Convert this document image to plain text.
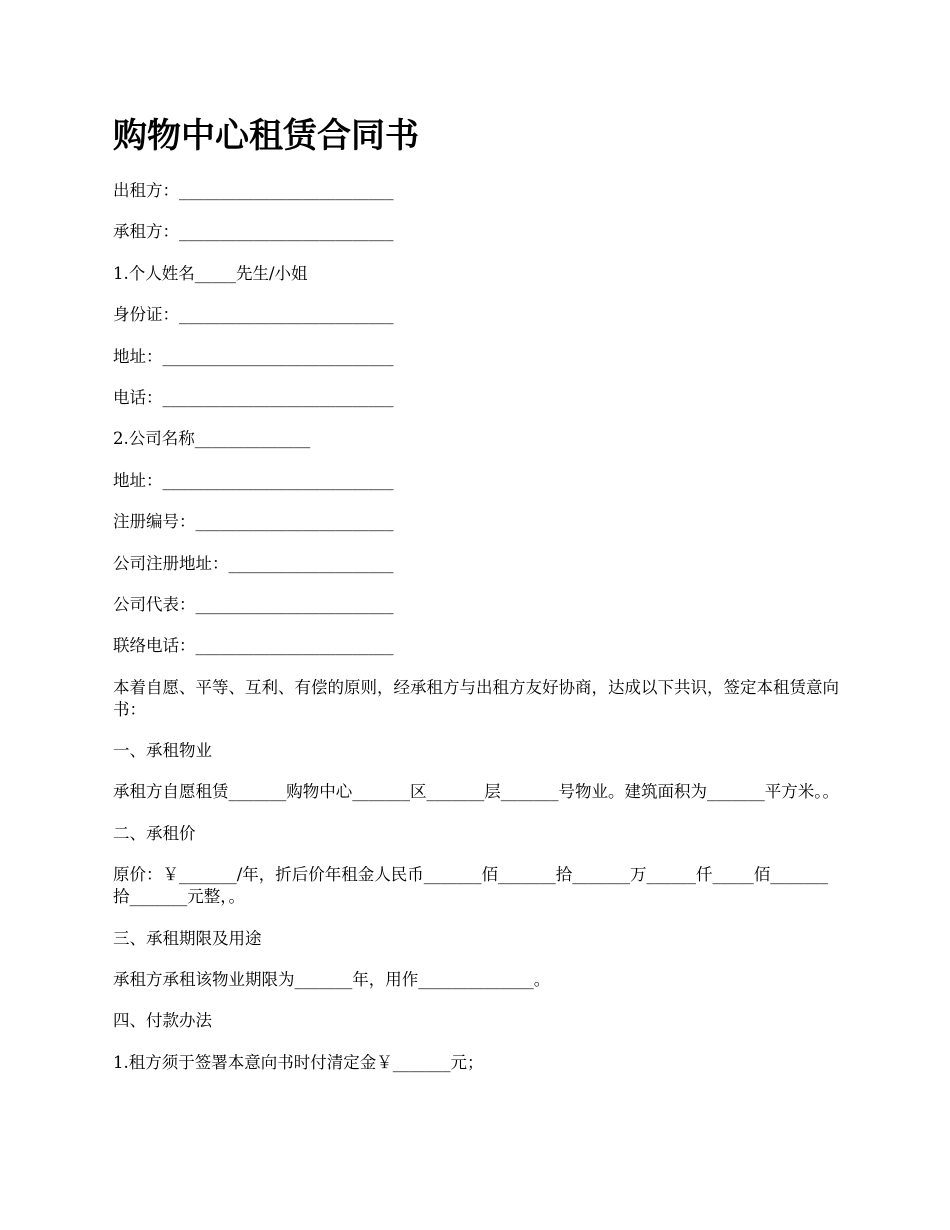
购物中心租赁合同书

出租方：__________________________

承租方：__________________________

1.个人姓名_____先生/小姐

身份证：__________________________

地址：____________________________

电话：____________________________

2.公司名称______________

地址：____________________________

注册编号：________________________

公司注册地址：____________________

公司代表：________________________

联络电话：________________________

本着自愿、平等、互利、有偿的原则，经承租方与出租方友好协商，达成以下共识，签定本租赁意向书：

一、承租物业

承租方自愿租赁_______购物中心_______区_______层_______号物业。建筑面积为_______平方米。。

二、承租价

原价：￥_______/年，折后价年租金人民币_______佰_______拾_______万______仟_____佰_______拾_______元整，。

三、承租期限及用途

承租方承租该物业期限为_______年，用作______________。

四、付款办法

1.租方须于签署本意向书时付清定金￥_______元；
